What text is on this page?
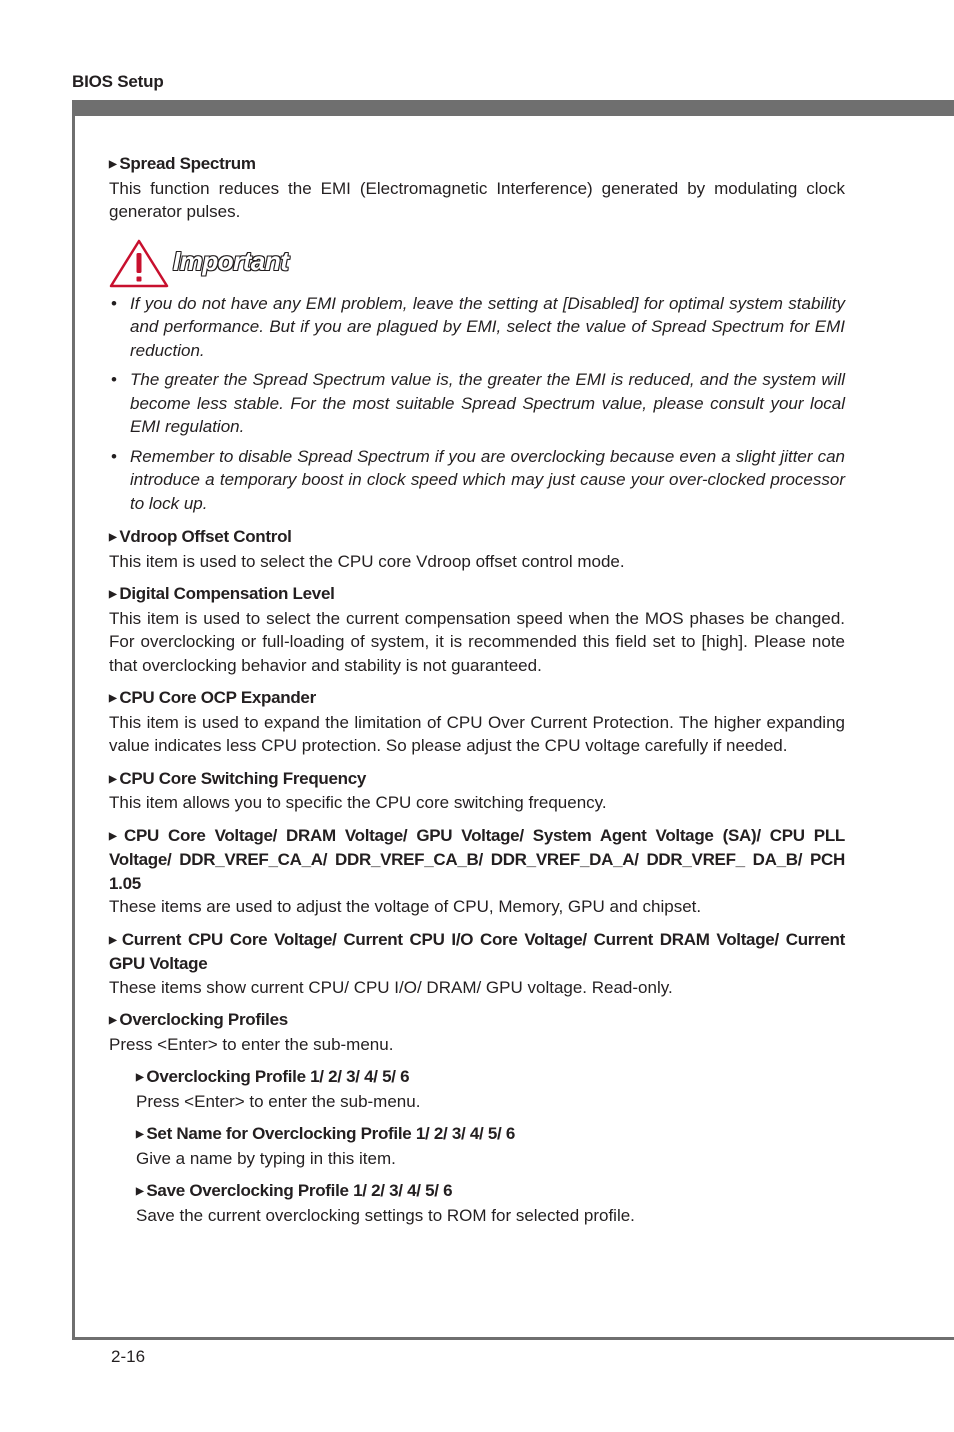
BIOS Setup
▶ Spread Spectrum
This function reduces the EMI (Electromagnetic Interference) generated by modulating clock generator pulses.
Important
• If you do not have any EMI problem, leave the setting at [Disabled] for optimal system stability and performance. But if you are plagued by EMI, select the value of Spread Spectrum for EMI reduction.
• The greater the Spread Spectrum value is, the greater the EMI is reduced, and the system will become less stable. For the most suitable Spread Spectrum value, please consult your local EMI regulation.
• Remember to disable Spread Spectrum if you are overclocking because even a slight jitter can introduce a temporary boost in clock speed which may just cause your over-clocked processor to lock up.
▶ Vdroop Offset Control
This item is used to select the CPU core Vdroop offset control mode.
▶ Digital Compensation Level
This item is used to select the current compensation speed when the MOS phases be changed. For overclocking or full-loading of system, it is recommended this field set to [high]. Please note that overclocking behavior and stability is not guaranteed.
▶ CPU Core OCP Expander
This item is used to expand the limitation of CPU Over Current Protection. The higher expanding value indicates less CPU protection. So please adjust the CPU voltage carefully if needed.
▶ CPU Core Switching Frequency
This item allows you to specific the CPU core switching frequency.
▶ CPU Core Voltage/ DRAM Voltage/ GPU Voltage/ System Agent Voltage (SA)/ CPU PLL Voltage/ DDR_VREF_CA_A/ DDR_VREF_CA_B/ DDR_VREF_DA_A/ DDR_VREF_ DA_B/ PCH 1.05
These items are used to adjust the voltage of CPU, Memory, GPU and chipset.
▶ Current CPU Core Voltage/ Current CPU I/O Core Voltage/ Current DRAM Voltage/ Current GPU Voltage
These items show current CPU/ CPU I/O/ DRAM/ GPU voltage. Read-only.
▶ Overclocking Profiles
Press <Enter> to enter the sub-menu.
▶ Overclocking Profile 1/ 2/ 3/ 4/ 5/ 6
Press <Enter> to enter the sub-menu.
▶ Set Name for Overclocking Profile 1/ 2/ 3/ 4/ 5/ 6
Give a name by typing in this item.
▶ Save Overclocking Profile 1/ 2/ 3/ 4/ 5/ 6
Save the current overclocking settings to ROM for selected profile.
2-16
